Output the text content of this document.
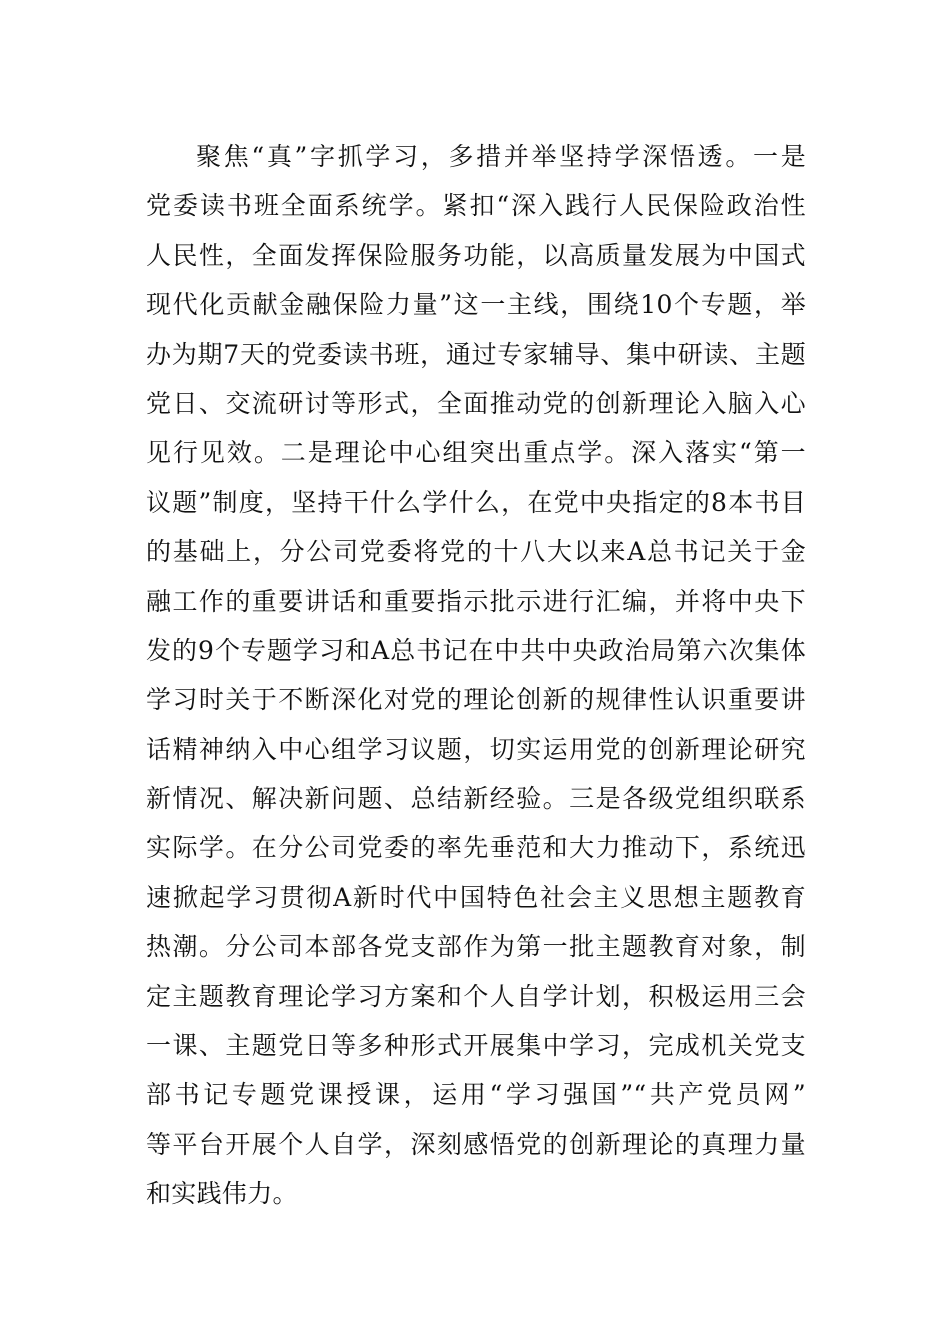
聚焦“真”字抓学习，多措并举坚持学深悟透。一是
党委读书班全面系统学。紧扣“深入践行人民保险政治性
人民性，全面发挥保险服务功能，以高质量发展为中国式
现代化贡献金融保险力量”这一主线，围绕10个专题，举
办为期7天的党委读书班，通过专家辅导、集中研读、主题
党日、交流研讨等形式，全面推动党的创新理论入脑入心
见行见效。二是理论中心组突出重点学。深入落实“第一
议题”制度，坚持干什么学什么，在党中央指定的8本书目
的基础上，分公司党委将党的十八大以来A总书记关于金
融工作的重要讲话和重要指示批示进行汇编，并将中央下
发的9个专题学习和A总书记在中共中央政治局第六次集体
学习时关于不断深化对党的理论创新的规律性认识重要讲
话精神纳入中心组学习议题，切实运用党的创新理论研究
新情况、解决新问题、总结新经验。三是各级党组织联系
实际学。在分公司党委的率先垂范和大力推动下，系统迅
速掀起学习贯彻A新时代中国特色社会主义思想主题教育
热潮。分公司本部各党支部作为第一批主题教育对象，制
定主题教育理论学习方案和个人自学计划，积极运用三会
一课、主题党日等多种形式开展集中学习，完成机关党支
部书记专题党课授课，运用“学习强国”“共产党员网”
等平台开展个人自学，深刻感悟党的创新理论的真理力量
和实践伟力。
